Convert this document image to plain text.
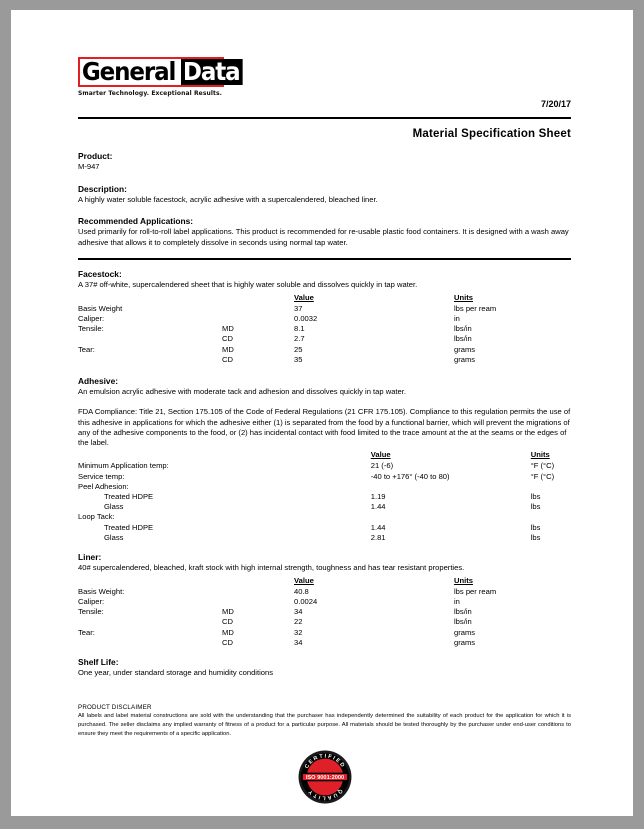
General Data
Smarter Technology. Exceptional Results.
7/20/17
Material Specification Sheet
Product:
M-947
Description:
A highly water soluble facestock, acrylic adhesive with a supercalendered, bleached liner.
Recommended Applications:
Used primarily for roll-to-roll label applications. This product is recommended for re-usable plastic food containers. It is designed with a wash away adhesive that allows it to completely dissolve in seconds using normal tap water.
Facestock:
A 37# off-white, supercalendered sheet that is highly water soluble and dissolves quickly in tap water.
		Value	Units
Basis Weight		37	lbs per ream
Caliper:		0.0032	in
Tensile:	MD	8.1	lbs/in
	CD	2.7	lbs/in
Tear:	MD	25	grams
	CD	35	grams
Adhesive:
An emulsion acrylic adhesive with moderate tack and adhesion and dissolves quickly in tap water.
FDA Compliance: Title 21, Section 175.105 of the Code of Federal Regulations (21 CFR 175.105). Compliance to this regulation permits the use of this adhesive in applications for which the adhesive either (1) is separated from the food by a functional barrier, which will prevent the migrations of any of the adhesive components to the food, or (2) has incidental contact with food limited to the trace amount at the at the seams or the edges of the label.
	Value	Units
Minimum Application temp:	21 (-6)	°F (°C)
Service temp:	-40 to +176° (-40 to 80)	°F (°C)
Peel Adhesion:		
Treated HDPE	1.19	lbs
Glass	1.44	lbs
Loop Tack:		
Treated HDPE	1.44	lbs
Glass	2.81	lbs
Liner:
40# supercalendered, bleached, kraft stock with high internal strength, toughness and has tear resistant properties.
		Value	Units
Basis Weight:		40.8	lbs per ream
Caliper:		0.0024	in
Tensile:	MD	34	lbs/in
	CD	22	lbs/in
Tear:	MD	32	grams
	CD	34	grams
Shelf Life:
One year, under standard storage and humidity conditions
PRODUCT DISCLAIMER
All labels and label material constructions are sold with the understanding that the purchaser has independently determined the suitability of each product for the application for which it is purchased. The seller disclaims any implied warranty of fitness of a product for a particular purpose. All materials should be tested thoroughly by the purchaser under end-user conditions to ensure they meet the requirements of a specific application.
ISO 9001:2000
CERTIFIED
QUALITY
